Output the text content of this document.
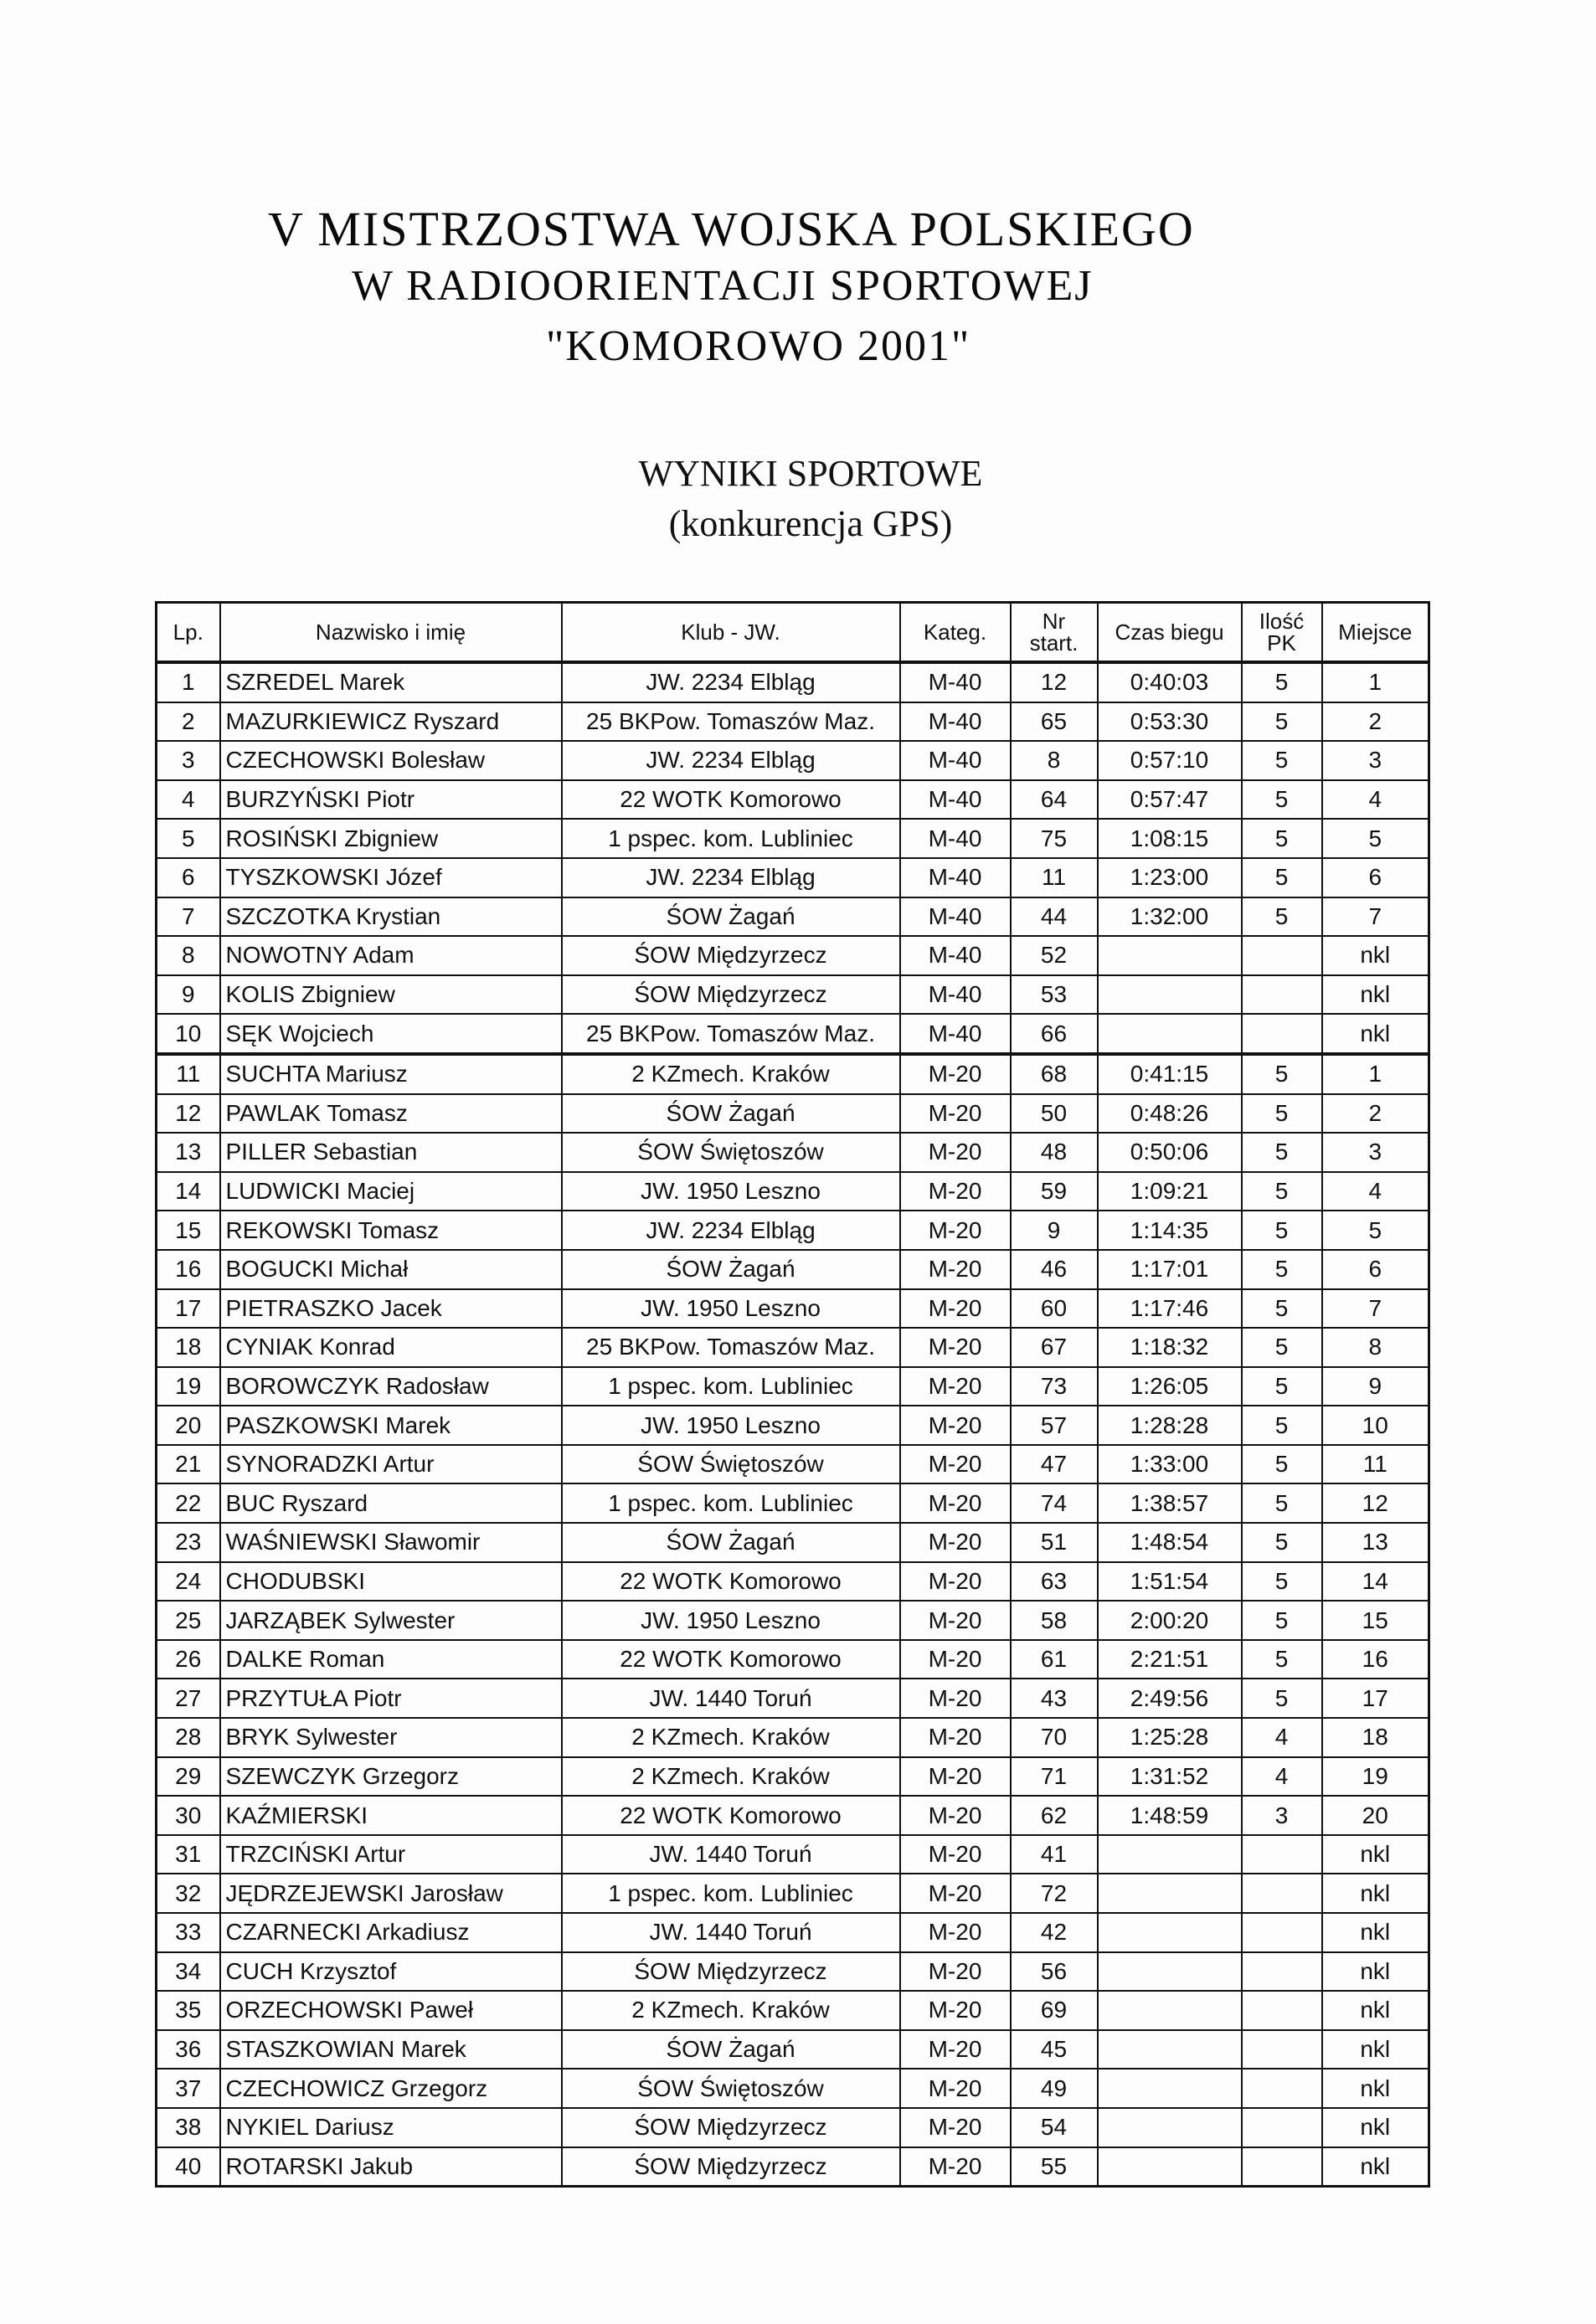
V MISTRZOSTWA WOJSKA POLSKIEGO
W RADIOORIENTACJI SPORTOWEJ
"KOMOROWO 2001"
WYNIKI SPORTOWE
(konkurencja GPS)
Lp.	Nazwisko i imię	Klub - JW.	Kateg.	Nr start.	Czas biegu	Ilość PK	Miejsce
1	SZREDEL Marek	JW. 2234 Elbląg	M-40	12	0:40:03	5	1
2	MAZURKIEWICZ Ryszard	25 BKPow. Tomaszów Maz.	M-40	65	0:53:30	5	2
3	CZECHOWSKI Bolesław	JW. 2234 Elbląg	M-40	8	0:57:10	5	3
4	BURZYŃSKI Piotr	22 WOTK Komorowo	M-40	64	0:57:47	5	4
5	ROSIŃSKI Zbigniew	1 pspec. kom. Lubliniec	M-40	75	1:08:15	5	5
6	TYSZKOWSKI Józef	JW. 2234 Elbląg	M-40	11	1:23:00	5	6
7	SZCZOTKA Krystian	ŚOW Żagań	M-40	44	1:32:00	5	7
8	NOWOTNY Adam	ŚOW Międzyrzecz	M-40	52			nkl
9	KOLIS Zbigniew	ŚOW Międzyrzecz	M-40	53			nkl
10	SĘK Wojciech	25 BKPow. Tomaszów Maz.	M-40	66			nkl
11	SUCHTA Mariusz	2 KZmech. Kraków	M-20	68	0:41:15	5	1
12	PAWLAK Tomasz	ŚOW Żagań	M-20	50	0:48:26	5	2
13	PILLER Sebastian	ŚOW Świętoszów	M-20	48	0:50:06	5	3
14	LUDWICKI Maciej	JW. 1950 Leszno	M-20	59	1:09:21	5	4
15	REKOWSKI Tomasz	JW. 2234 Elbląg	M-20	9	1:14:35	5	5
16	BOGUCKI Michał	ŚOW Żagań	M-20	46	1:17:01	5	6
17	PIETRASZKO Jacek	JW. 1950 Leszno	M-20	60	1:17:46	5	7
18	CYNIAK Konrad	25 BKPow. Tomaszów Maz.	M-20	67	1:18:32	5	8
19	BOROWCZYK Radosław	1 pspec. kom. Lubliniec	M-20	73	1:26:05	5	9
20	PASZKOWSKI Marek	JW. 1950 Leszno	M-20	57	1:28:28	5	10
21	SYNORADZKI Artur	ŚOW Świętoszów	M-20	47	1:33:00	5	11
22	BUC Ryszard	1 pspec. kom. Lubliniec	M-20	74	1:38:57	5	12
23	WAŚNIEWSKI Sławomir	ŚOW Żagań	M-20	51	1:48:54	5	13
24	CHODUBSKI	22 WOTK Komorowo	M-20	63	1:51:54	5	14
25	JARZĄBEK Sylwester	JW. 1950 Leszno	M-20	58	2:00:20	5	15
26	DALKE Roman	22 WOTK Komorowo	M-20	61	2:21:51	5	16
27	PRZYTUŁA Piotr	JW. 1440 Toruń	M-20	43	2:49:56	5	17
28	BRYK Sylwester	2 KZmech. Kraków	M-20	70	1:25:28	4	18
29	SZEWCZYK Grzegorz	2 KZmech. Kraków	M-20	71	1:31:52	4	19
30	KAŹMIERSKI	22 WOTK Komorowo	M-20	62	1:48:59	3	20
31	TRZCIŃSKI Artur	JW. 1440 Toruń	M-20	41			nkl
32	JĘDRZEJEWSKI Jarosław	1 pspec. kom. Lubliniec	M-20	72			nkl
33	CZARNECKI Arkadiusz	JW. 1440 Toruń	M-20	42			nkl
34	CUCH Krzysztof	ŚOW Międzyrzecz	M-20	56			nkl
35	ORZECHOWSKI Paweł	2 KZmech. Kraków	M-20	69			nkl
36	STASZKOWIAN Marek	ŚOW Żagań	M-20	45			nkl
37	CZECHOWICZ Grzegorz	ŚOW Świętoszów	M-20	49			nkl
38	NYKIEL Dariusz	ŚOW Międzyrzecz	M-20	54			nkl
40	ROTARSKI Jakub	ŚOW Międzyrzecz	M-20	55			nkl
